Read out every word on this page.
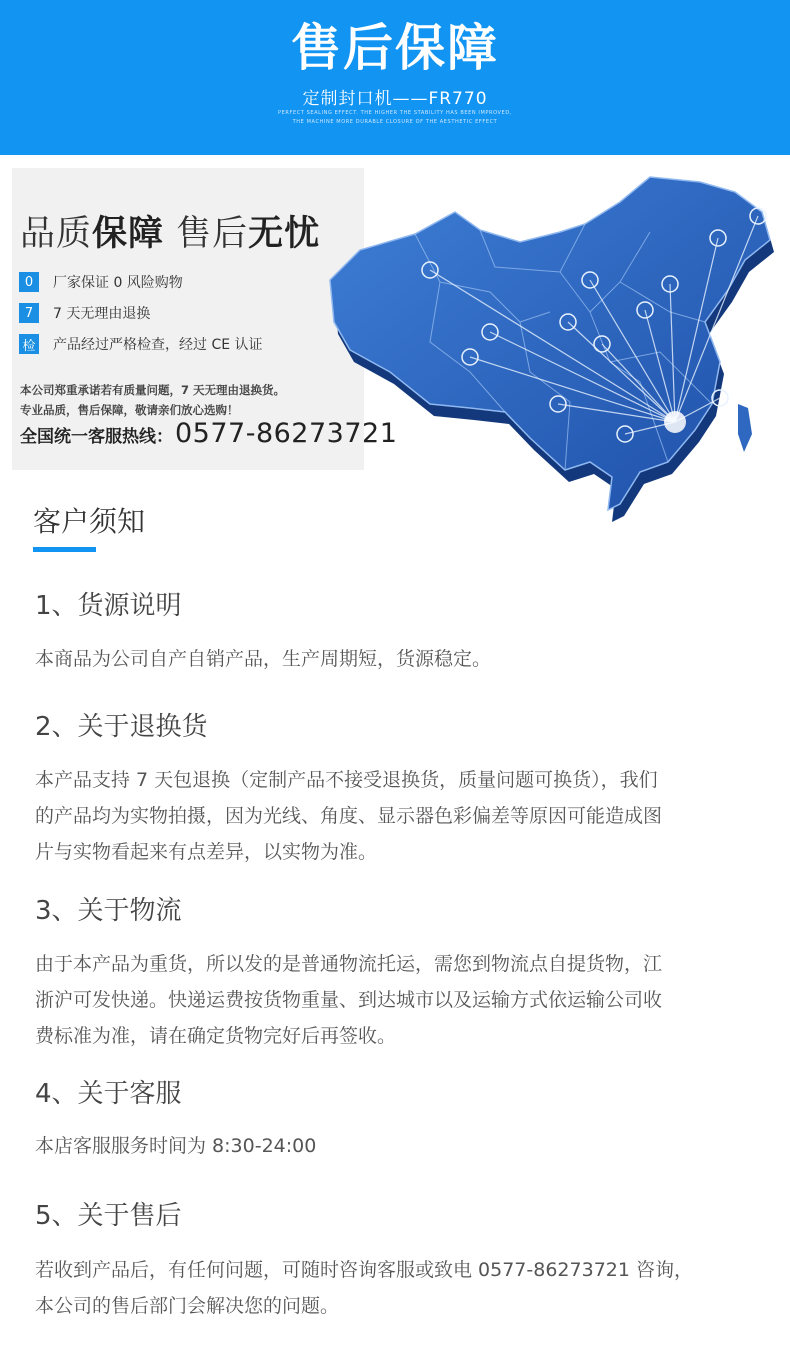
售后保障
定制封口机——FR770
PERFECT SEALING EFFECT. THE HIGHER THE STABILITY HAS BEEN IMPROVED,
THE MACHINE MORE DURABLE CLOSURE OF THE AESTHETIC EFFECT
品质保障 售后无忧
0	厂家保证 0 风险购物
7	7 天无理由退换
检 产品经过严格检查，经过 CE 认证
本公司郑重承诺若有质量问题，7 天无理由退换货。
专业品质，售后保障，敬请亲们放心选购！
全国统一客服热线： 0577-86273721
客户须知
1、货源说明
本商品为公司自产自销产品，生产周期短，货源稳定。
2、关于退换货
本产品支持 7 天包退换（定制产品不接受退换货，质量问题可换货），我们
的产品均为实物拍摄，因为光线、角度、显示器色彩偏差等原因可能造成图
片与实物看起来有点差异，以实物为准。
3、关于物流
由于本产品为重货，所以发的是普通物流托运，需您到物流点自提货物，江
浙沪可发快递。快递运费按货物重量、到达城市以及运输方式依运输公司收
费标准为准，请在确定货物完好后再签收。
4、关于客服
本店客服服务时间为 8:30-24:00
5、关于售后
若收到产品后，有任何问题，可随时咨询客服或致电 0577-86273721 咨询，
本公司的售后部门会解决您的问题。
